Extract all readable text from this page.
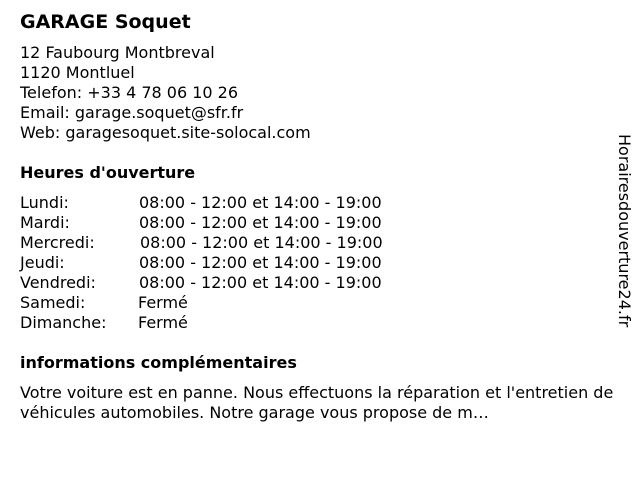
GARAGE Soquet
12 Faubourg Montbreval
1120 Montluel
Telefon: +33 4 78 06 10 26
Email: garage.soquet@sfr.fr
Web: garagesoquet.site-solocal.com
Heures d'ouverture
Lundi:	08:00 - 12:00 et 14:00 - 19:00
Mardi:	08:00 - 12:00 et 14:00 - 19:00
Mercredi:	08:00 - 12:00 et 14:00 - 19:00
Jeudi:	08:00 - 12:00 et 14:00 - 19:00
Vendredi:	08:00 - 12:00 et 14:00 - 19:00
Samedi:	Fermé
Dimanche: Fermé
informations complémentaires
Votre voiture est en panne. Nous effectuons la réparation et l'entretien de véhicules automobiles. Notre garage vous propose de m…
Horairesdouverture24.fr
